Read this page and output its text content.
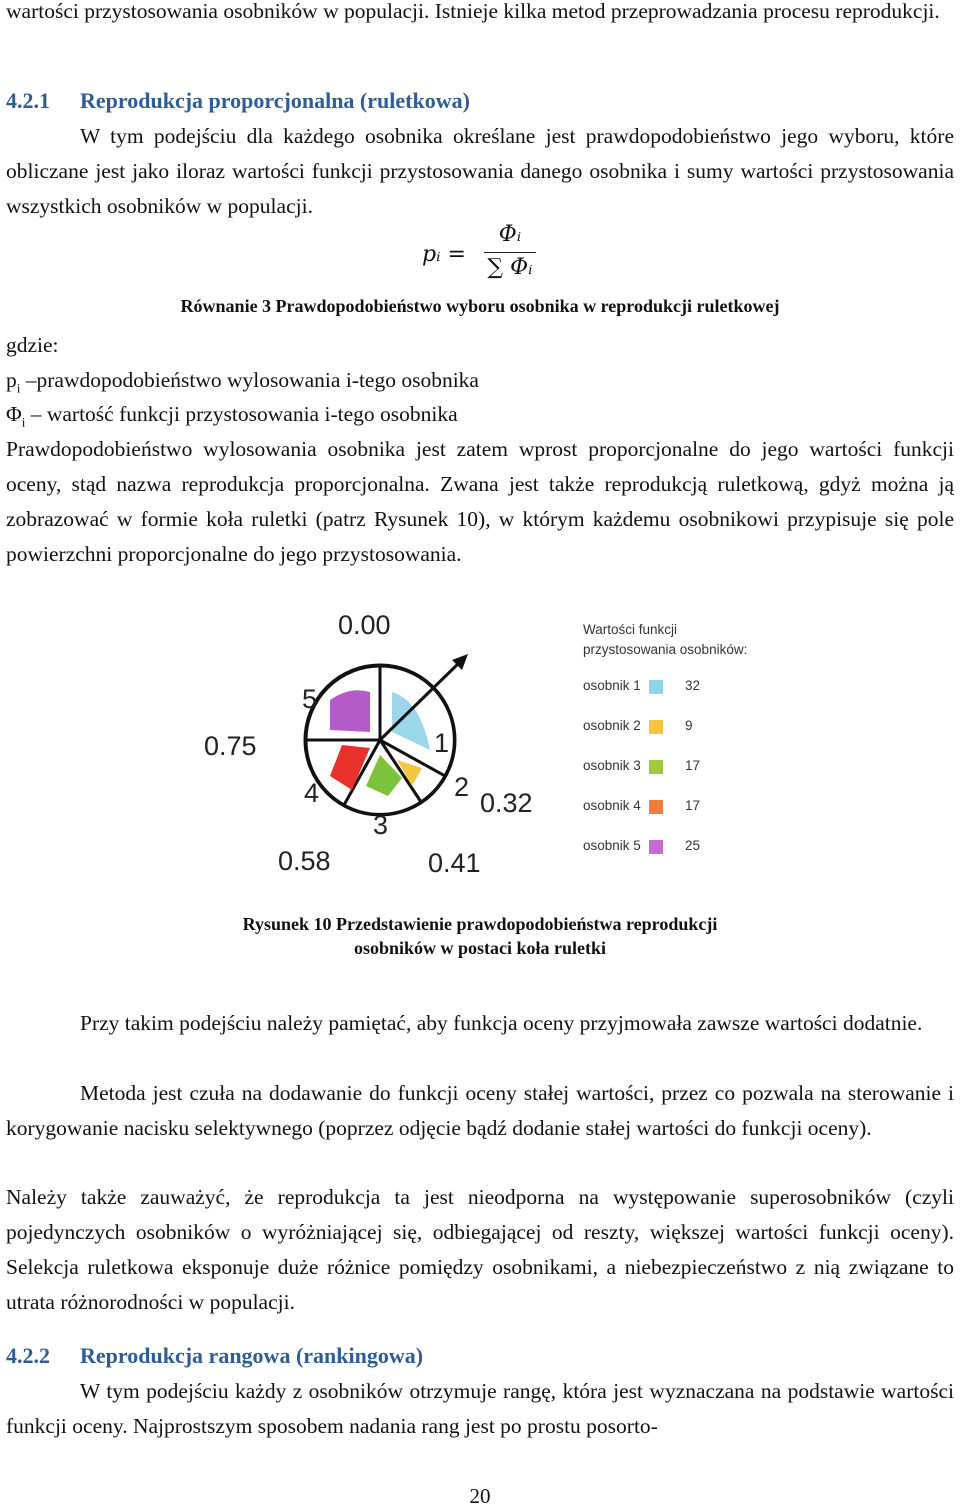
wartości przystosowania osobników w populacji. Istnieje kilka metod przeprowadzania procesu reprodukcji.
4.2.1 Reprodukcja proporcjonalna (ruletkowa)
W tym podejściu dla każdego osobnika określane jest prawdopodobieństwo jego wyboru, które obliczane jest jako iloraz wartości funkcji przystosowania danego osobnika i sumy wartości przystosowania wszystkich osobników w populacji.
pᵢ =
Φᵢ
∑ Φᵢ
Równanie 3 Prawdopodobieństwo wyboru osobnika w reprodukcji ruletkowej
gdzie:
$p_i$ –prawdopodobieństwo wylosowania i-tego osobnika
$\Phi_i$ – wartość funkcji przystosowania i-tego osobnika
Prawdopodobieństwo wylosowania osobnika jest zatem wprost proporcjonalne do jego wartości funkcji oceny, stąd nazwa reprodukcja proporcjonalna. Zwana jest także reprodukcją ruletkową, gdyż można ją zobrazować w formie koła ruletki (patrz Rysunek 10), w którym każdemu osobnikowi przypisuje się pole powierzchni proporcjonalne do jego przystosowania.
0.00
0.75
0.32
0.58	0.41
1
2
3
4
5
Wartości funkcji
przystosowania osobników:
osobnik 1	32
osobnik 2	9
osobnik 3	17
osobnik 4	17
osobnik 5	25
Rysunek 10 Przedstawienie prawdopodobieństwa reprodukcji
osobników w postaci koła ruletki
Przy takim podejściu należy pamiętać, aby funkcja oceny przyjmowała zawsze wartości dodatnie.
Metoda jest czuła na dodawanie do funkcji oceny stałej wartości, przez co pozwala na sterowanie i korygowanie nacisku selektywnego (poprzez odjęcie bądź dodanie stałej wartości do funkcji oceny).
Należy także zauważyć, że reprodukcja ta jest nieodporna na występowanie superosobników (czyli pojedynczych osobników o wyróżniającej się, odbiegającej od reszty, większej wartości funkcji oceny). Selekcja ruletkowa eksponuje duże różnice pomiędzy osobnikami, a niebezpieczeństwo z nią związane to utrata różnorodności w populacji.
4.2.2 Reprodukcja rangowa (rankingowa)
W tym podejściu każdy z osobników otrzymuje rangę, która jest wyznaczana na podstawie wartości funkcji oceny. Najprostszym sposobem nadania rang jest po prostu posorto-
20
